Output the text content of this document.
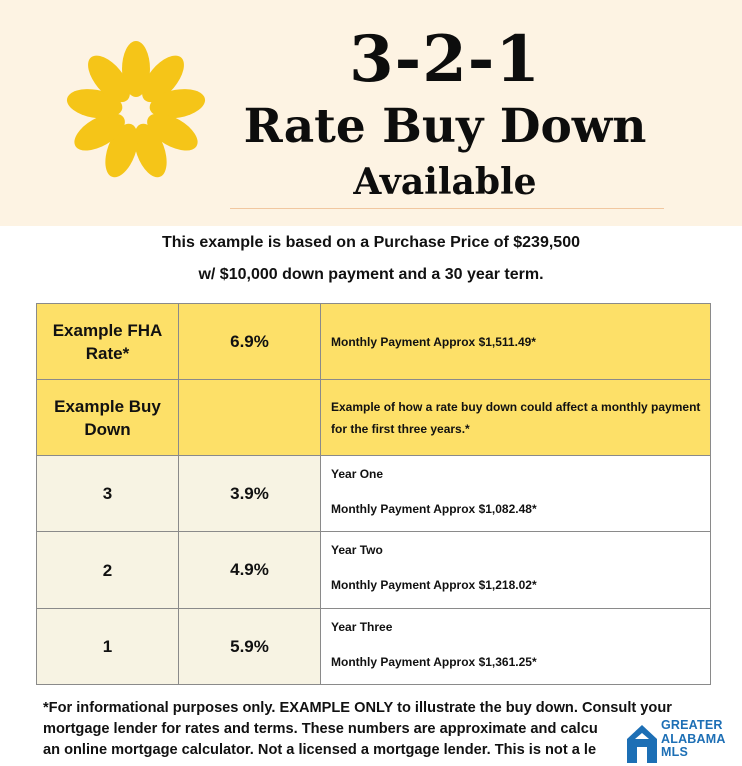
3-2-1
Rate Buy Down
Available
This example is based on a Purchase Price of $239,500
w/ $10,000 down payment and a 30 year term.
Example FHA Rate*	6.9%	Monthly Payment Approx $1,511.49*
Example Buy Down		Example of how a rate buy down could affect a monthly payment for the first three years.*
3	3.9%	Year One
Monthly Payment Approx $1,082.48*

2	4.9%	Year Two
Monthly Payment Approx $1,218.02*

1	5.9%	Year Three
Monthly Payment Approx $1,361.25*
*For informational purposes only. EXAMPLE ONLY to illustrate the buy down. Consult your
mortgage lender for rates and terms. These numbers are approximate and calcu
an online mortgage calculator. Not a licensed a mortgage lender. This is not a le
GREATER
ALABAMA
MLS
